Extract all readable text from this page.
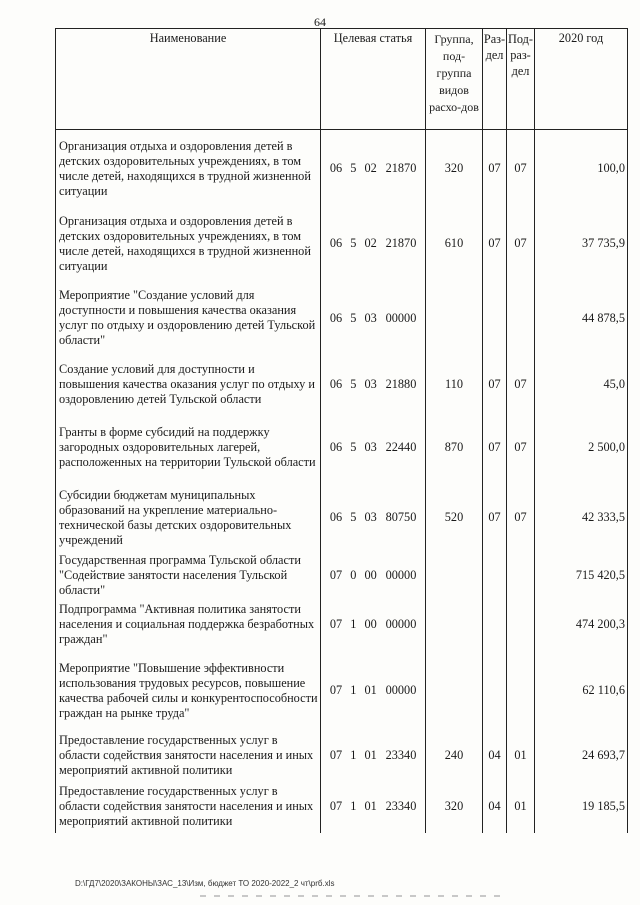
64
Наименование	Целевая статья	Группа, под-группа видов расхо-дов	Раз-дел	Под-раз-дел	2020 год
Организация отдыха и оздоровления детей в детских оздоровительных учреждениях, в том числе детей, находящихся в трудной жизненной ситуации	06 5 02 21870	320	07	07	100,0
Организация отдыха и оздоровления детей в детских оздоровительных учреждениях, в том числе детей, находящихся в трудной жизненной ситуации	06 5 02 21870	610	07	07	37 735,9
Мероприятие "Создание условий для доступности и повышения качества оказания услуг по отдыху и оздоровлению детей Тульской области"	06 5 03 00000				44 878,5
Создание условий для доступности и повышения качества оказания услуг по отдыху и оздоровлению детей Тульской области	06 5 03 21880	110	07	07	45,0
Гранты в форме субсидий на поддержку загородных оздоровительных лагерей, расположенных на территории Тульской области	06 5 03 22440	870	07	07	2 500,0
Субсидии бюджетам муниципальных образований на укрепление материально-технической базы детских оздоровительных учреждений	06 5 03 80750	520	07	07	42 333,5
Государственная программа Тульской области "Содействие занятости населения Тульской области"	07 0 00 00000				715 420,5
Подпрограмма "Активная политика занятости населения и социальная поддержка безработных граждан"	07 1 00 00000				474 200,3
Мероприятие "Повышение эффективности использования трудовых ресурсов, повышение качества рабочей силы и конкурентоспособности граждан на рынке труда"	07 1 01 00000				62 110,6
Предоставление государственных услуг в области содействия занятости населения и иных мероприятий активной политики	07 1 01 23340	240	04	01	24 693,7
Предоставление государственных услуг в области содействия занятости населения и иных мероприятий активной политики	07 1 01 23340	320	04	01	19 185,5
D:\ГД7\2020\ЗАКОНЫ\ЗАС_13\Изм, бюджет ТО 2020-2022_2 чт\prб.xls
